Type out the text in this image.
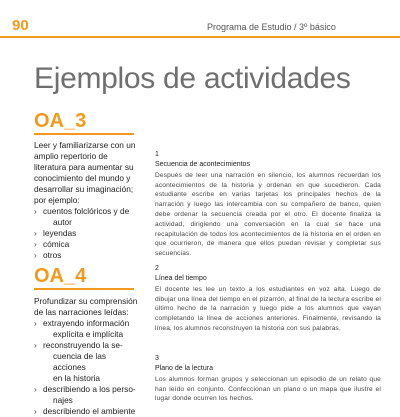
90	Programa de Estudio / 3º básico
Ejemplos de actividades
OA_3

Leer y familiarizarse con un amplio repertorio de literatura para aumentar su conocimiento del mundo y desarrollar su imaginación; por ejemplo:

› cuentos folclóricos y de
autor
› leyendas
› cómica
› otros
OA_4

Profundizar su comprensión de las narraciones leídas:

› extrayendo información
explícita e implícita
› reconstruyendo la se-
cuencia de las acciones
en la historia
› describiendo a los perso-
najes
› describiendo el ambiente
1
Secuencia de acontecimientos
Después de leer una narración en silencio, los alumnos recuerdan los acontecimientos de la historia y ordenan en que sucedieron. Cada estudiante escribe en varias tarjetas los principales hechos de la narración y luego las intercambia con su compañero de banco, quien debe ordenar la secuencia creada por el otro. El docente finaliza la actividad, dirigiendo una conversación en la cual se hace una recapitulación de todos los acontecimientos de la historia en el orden en que ocurrieron, de manera que ellos puedan revisar y completar sus secuencias.
2
Línea del tiempo
El docente les lee un texto a los estudiantes en voz alta. Luego de dibujar una línea del tiempo en el pizarrón, al final de la lectura escribe el último hecho de la narración y luego pide a los alumnos que vayan completando la línea de acciones anteriores. Finalmente, revisando la línea, los alumnos reconstruyen la historia con sus palabras.
3
Plano de la lectura
Los alumnos forman grupos y seleccionan un episodio de un relato que han leído en conjunto. Confeccionan un plano o un mapa que ilustre el lugar donde ocurren los hechos.
